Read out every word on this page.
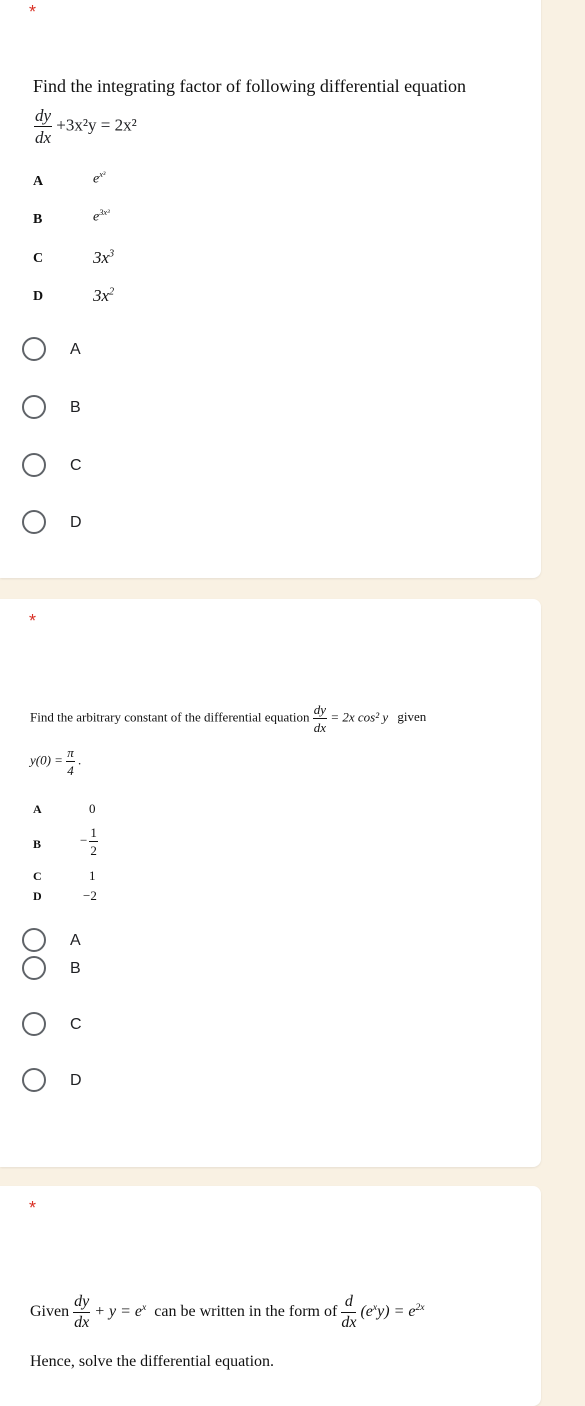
*
Find the integrating factor of following differential equation
$\frac{dy}{dx} +3x^2y = 2x^2$
A	$e^{x^3}$
B	$e^{3x^3}$
C	$3x^3$
D	$3x^2$
A
B
C
D
*
Find the arbitrary constant of the differential equation $\frac{dy}{dx} = 2x$ cos² y given
$y(0) = \frac{\pi}{4}$ .
A	0
B	− $\frac{1}{2}$
C	1
D	−2
A
B
C
D
*
Given $\frac{dy}{dx} + y = e^x$ can be written in the form of $\frac{d}{dx} (e^xy) = e^{2x}$
Hence, solve the differential equation.
